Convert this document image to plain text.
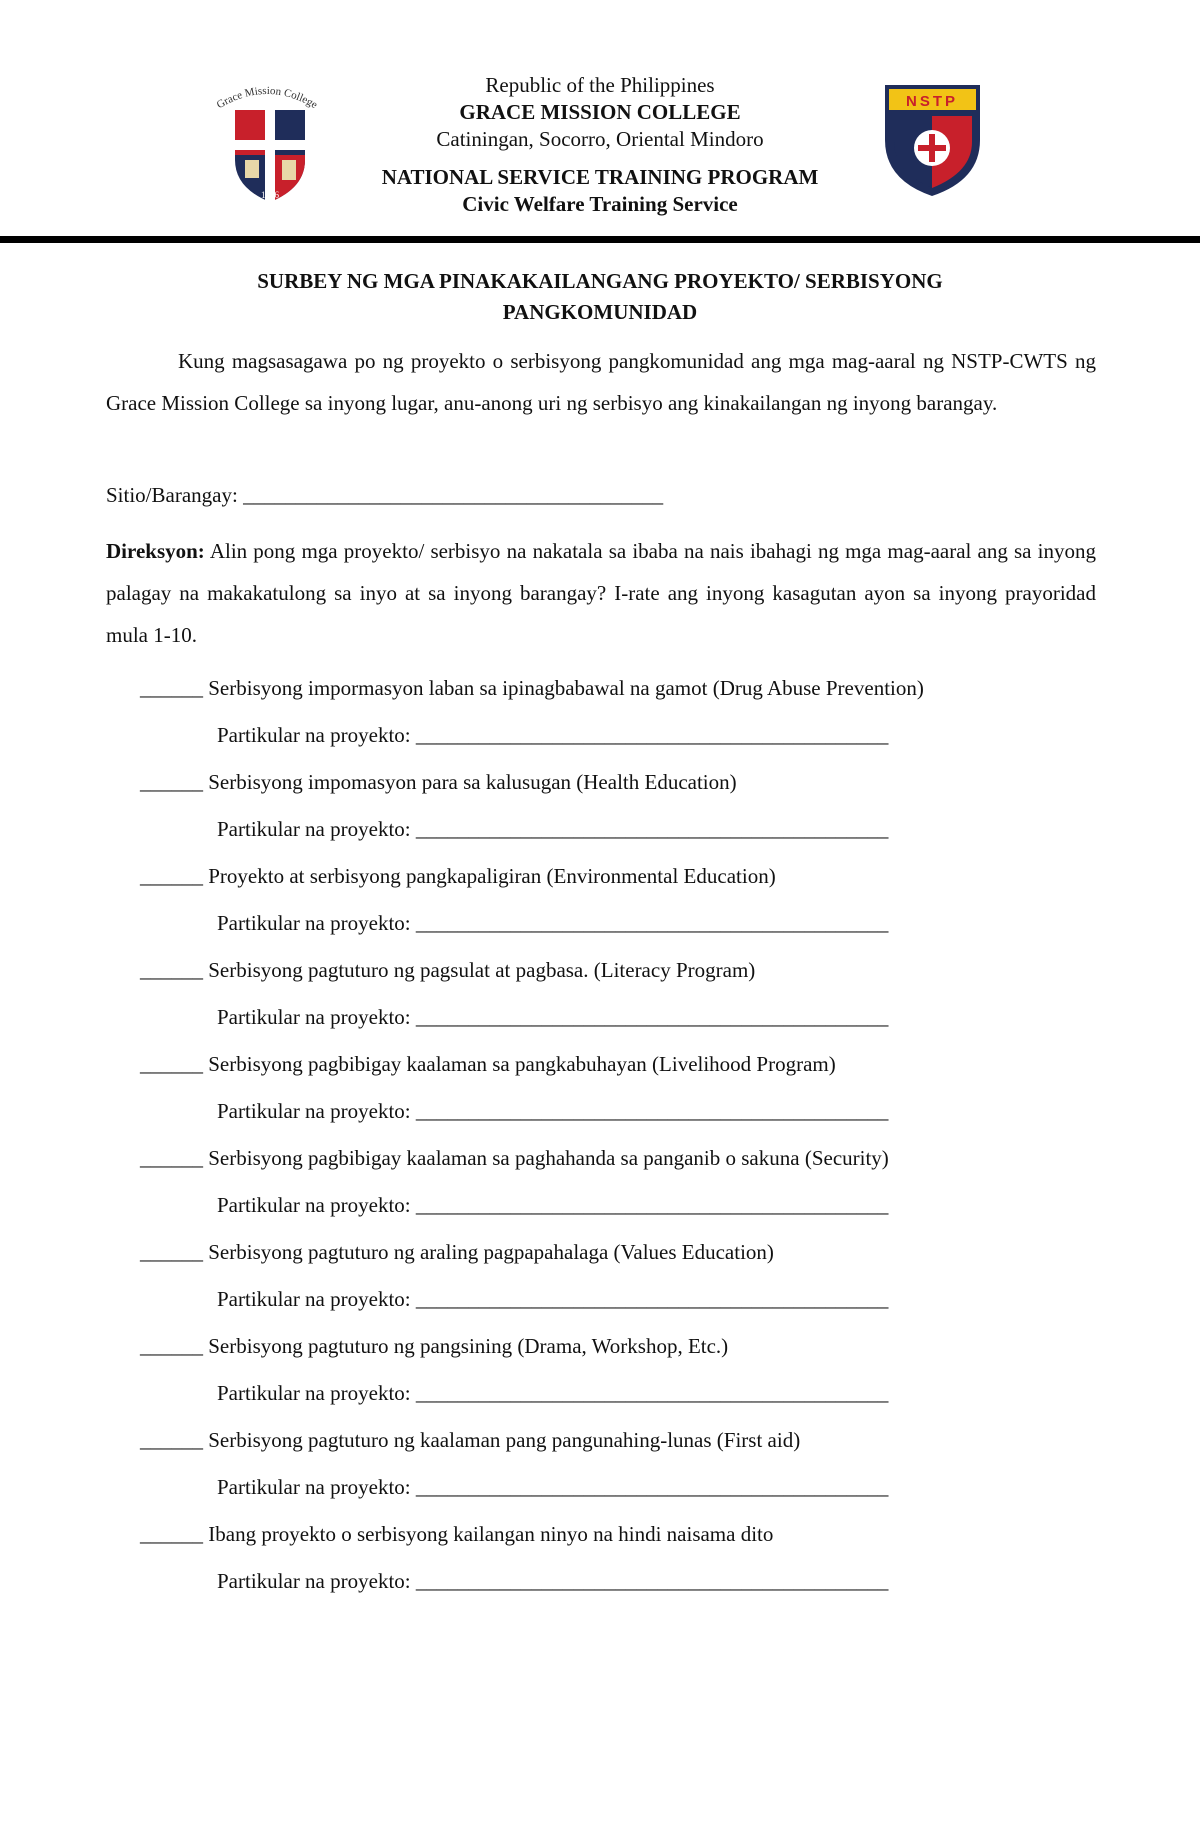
Grace Mission College
1976
Republic of the Philippines
GRACE MISSION COLLEGE
Catiningan, Socorro, Oriental Mindoro
NATIONAL SERVICE TRAINING PROGRAM
Civic Welfare Training Service
NSTP
SURBEY NG MGA PINAKAKAILANGANG PROYEKTO/ SERBISYONG
PANGKOMUNIDAD
Kung magsasagawa po ng proyekto o serbisyong pangkomunidad ang mga mag-aaral ng NSTP-CWTS ng Grace Mission College sa inyong lugar, anu-anong uri ng serbisyo ang kinakailangan ng inyong barangay.
Sitio/Barangay: ________________________________________
Direksyon: Alin pong mga proyekto/ serbisyo na nakatala sa ibaba na nais ibahagi ng mga mag-aaral ang sa inyong palagay na makakatulong sa inyo at sa inyong barangay? I-rate ang inyong kasagutan ayon sa inyong prayoridad mula 1-10.
______ Serbisyong impormasyon laban sa ipinagbabawal na gamot (Drug Abuse Prevention)
Partikular na proyekto: _____________________________________________
______ Serbisyong impomasyon para sa kalusugan (Health Education)
Partikular na proyekto: _____________________________________________
______ Proyekto at serbisyong pangkapaligiran (Environmental Education)
Partikular na proyekto: _____________________________________________
______ Serbisyong pagtuturo ng pagsulat at pagbasa. (Literacy Program)
Partikular na proyekto: _____________________________________________
______ Serbisyong pagbibigay kaalaman sa pangkabuhayan (Livelihood Program)
Partikular na proyekto: _____________________________________________
______ Serbisyong pagbibigay kaalaman sa paghahanda sa panganib o sakuna (Security)
Partikular na proyekto: _____________________________________________
______ Serbisyong pagtuturo ng araling pagpapahalaga (Values Education)
Partikular na proyekto: _____________________________________________
______ Serbisyong pagtuturo ng pangsining (Drama, Workshop, Etc.)
Partikular na proyekto: _____________________________________________
______ Serbisyong pagtuturo ng kaalaman pang pangunahing-lunas (First aid)
Partikular na proyekto: _____________________________________________
______ Ibang proyekto o serbisyong kailangan ninyo na hindi naisama dito
Partikular na proyekto: _____________________________________________
